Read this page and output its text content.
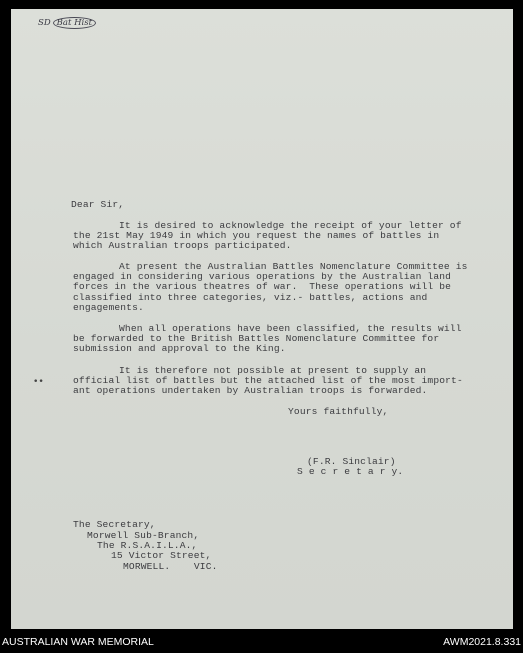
SD Bat Hist
Dear Sir,
It is desired to acknowledge the receipt of your letter of
the 21st May 1949 in which you request the names of battles in
which Australian troops participated.
At present the Australian Battles Nomenclature Committee is
engaged in considering various operations by the Australian land
forces in the various theatres of war.  These operations will be
classified into three categories, viz.- battles, actions and
engagements.
When all operations have been classified, the results will
be forwarded to the British Battles Nomenclature Committee for
submission and approval to the King.
It is therefore not possible at present to supply an
official list of battles but the attached list of the most import-
ant operations undertaken by Australian troops is forwarded.
Yours faithfully,
(F.R. Sinclair)
S e c r e t a r y.
The Secretary,
Morwell Sub-Branch,
The R.S.A.I.L.A.,
15 Victor Street,
MORWELL.    VIC.
••
AUSTRALIAN WAR MEMORIAL	AWM2021.8.331
